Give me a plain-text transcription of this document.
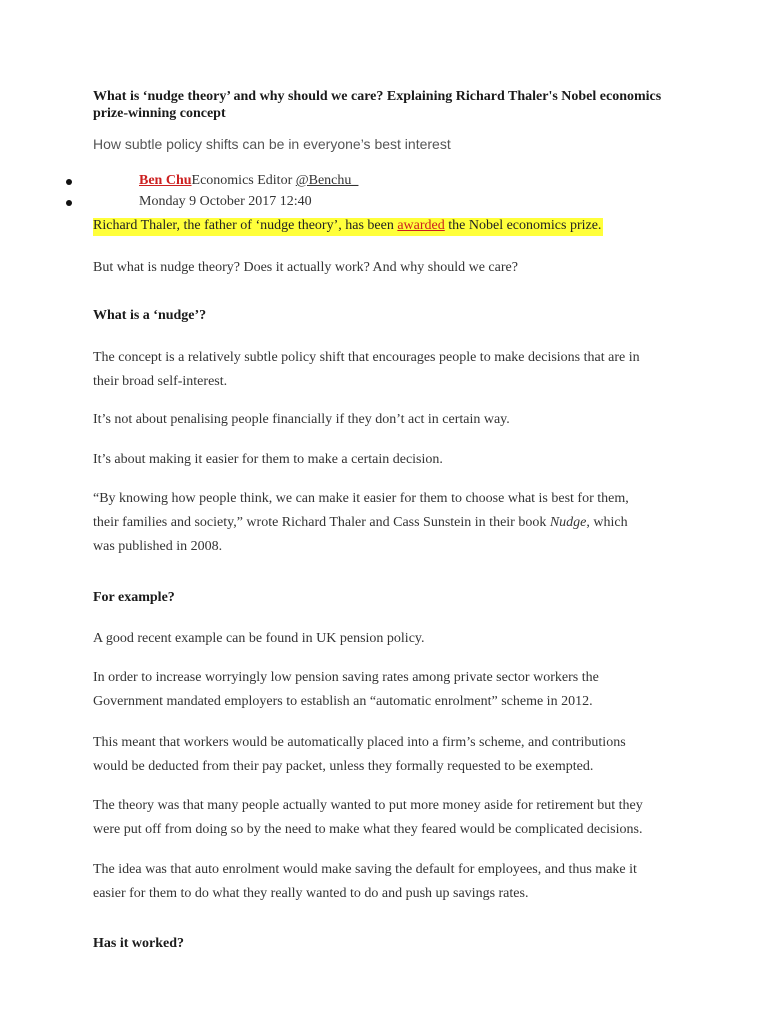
What is ‘nudge theory’ and why should we care? Explaining Richard Thaler's Nobel economics prize-winning concept
How subtle policy shifts can be in everyone’s best interest
Ben ChuEconomics Editor @Benchu_
Monday 9 October 2017 12:40
Richard Thaler, the father of ‘nudge theory’, has been awarded the Nobel economics prize.
But what is nudge theory? Does it actually work? And why should we care?
What is a ‘nudge’?
The concept is a relatively subtle policy shift that encourages people to make decisions that are in
their broad self-interest.
It’s not about penalising people financially if they don’t act in certain way.
It’s about making it easier for them to make a certain decision.
“By knowing how people think, we can make it easier for them to choose what is best for them,
their families and society,” wrote Richard Thaler and Cass Sunstein in their book Nudge, which
was published in 2008.
For example?
A good recent example can be found in UK pension policy.
In order to increase worryingly low pension saving rates among private sector workers the
Government mandated employers to establish an “automatic enrolment” scheme in 2012.
This meant that workers would be automatically placed into a firm’s scheme, and contributions
would be deducted from their pay packet, unless they formally requested to be exempted.
The theory was that many people actually wanted to put more money aside for retirement but they
were put off from doing so by the need to make what they feared would be complicated decisions.
The idea was that auto enrolment would make saving the default for employees, and thus make it
easier for them to do what they really wanted to do and push up savings rates.
Has it worked?
